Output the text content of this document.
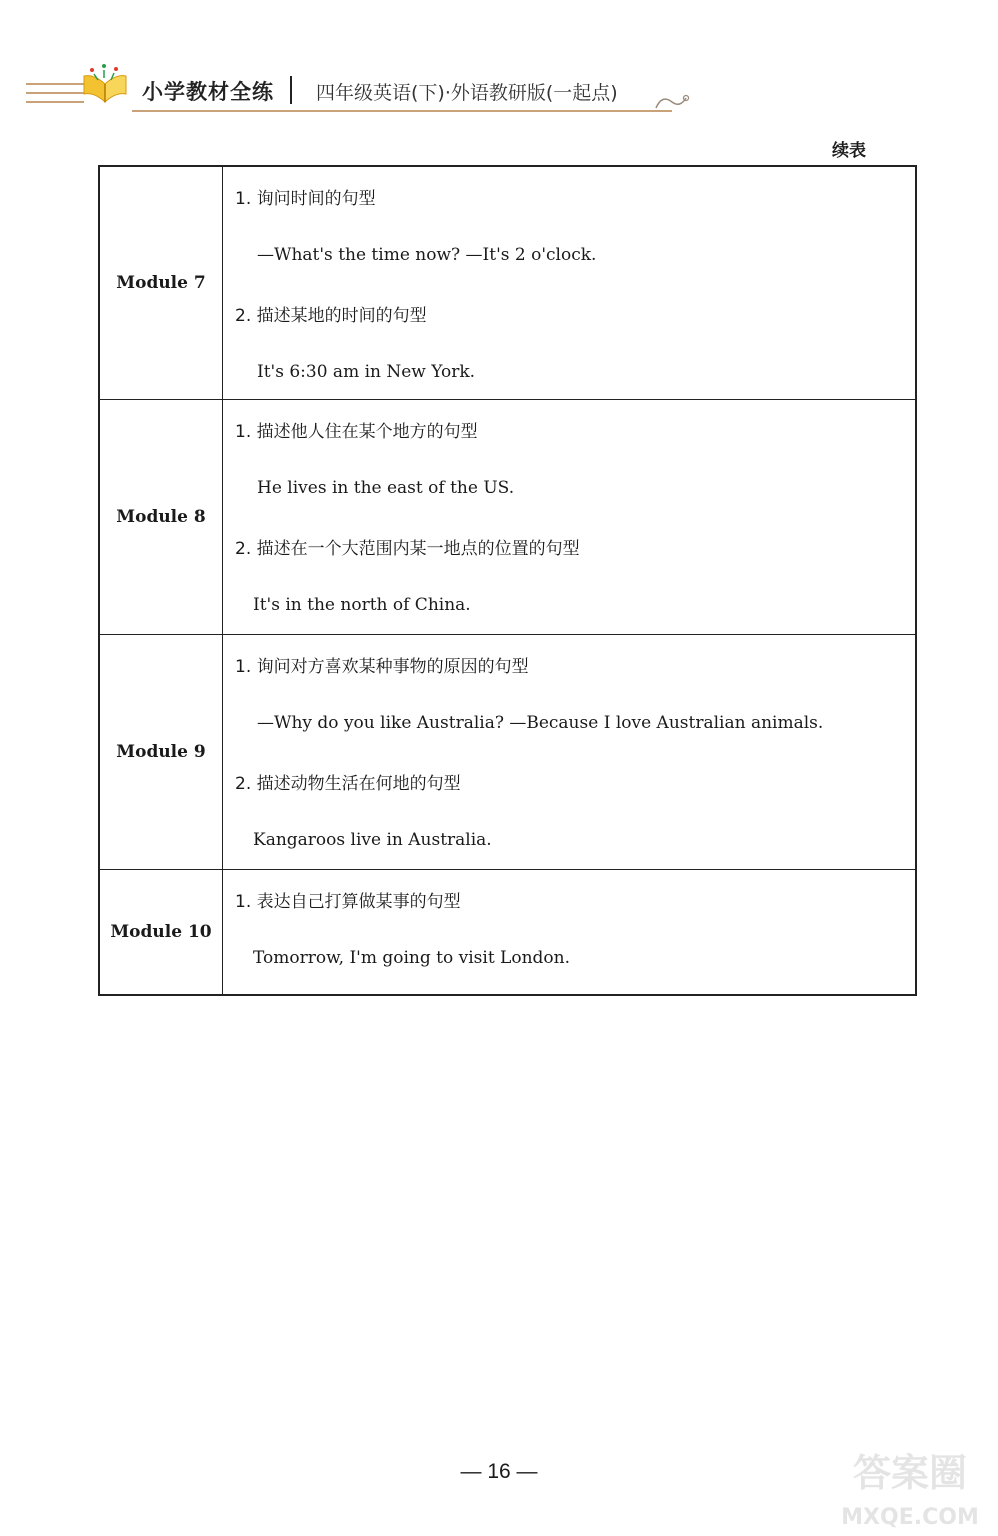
小学教材全练 四年级英语(下)·外语教研版(一起点)
续表
Module 7
1. 询问时间的句型
—What's the time now? —It's 2 o'clock.
2. 描述某地的时间的句型
It's 6:30 am in New York.
Module 8
1. 描述他人住在某个地方的句型
He lives in the east of the US.
2. 描述在一个大范围内某一地点的位置的句型
It's in the north of China.
Module 9
1. 询问对方喜欢某种事物的原因的句型
—Why do you like Australia? —Because I love Australian animals.
2. 描述动物生活在何地的句型
Kangaroos live in Australia.
Module 10
1. 表达自己打算做某事的句型
Tomorrow, I'm going to visit London.
— 16 —	答案圈
MXQE.COM
